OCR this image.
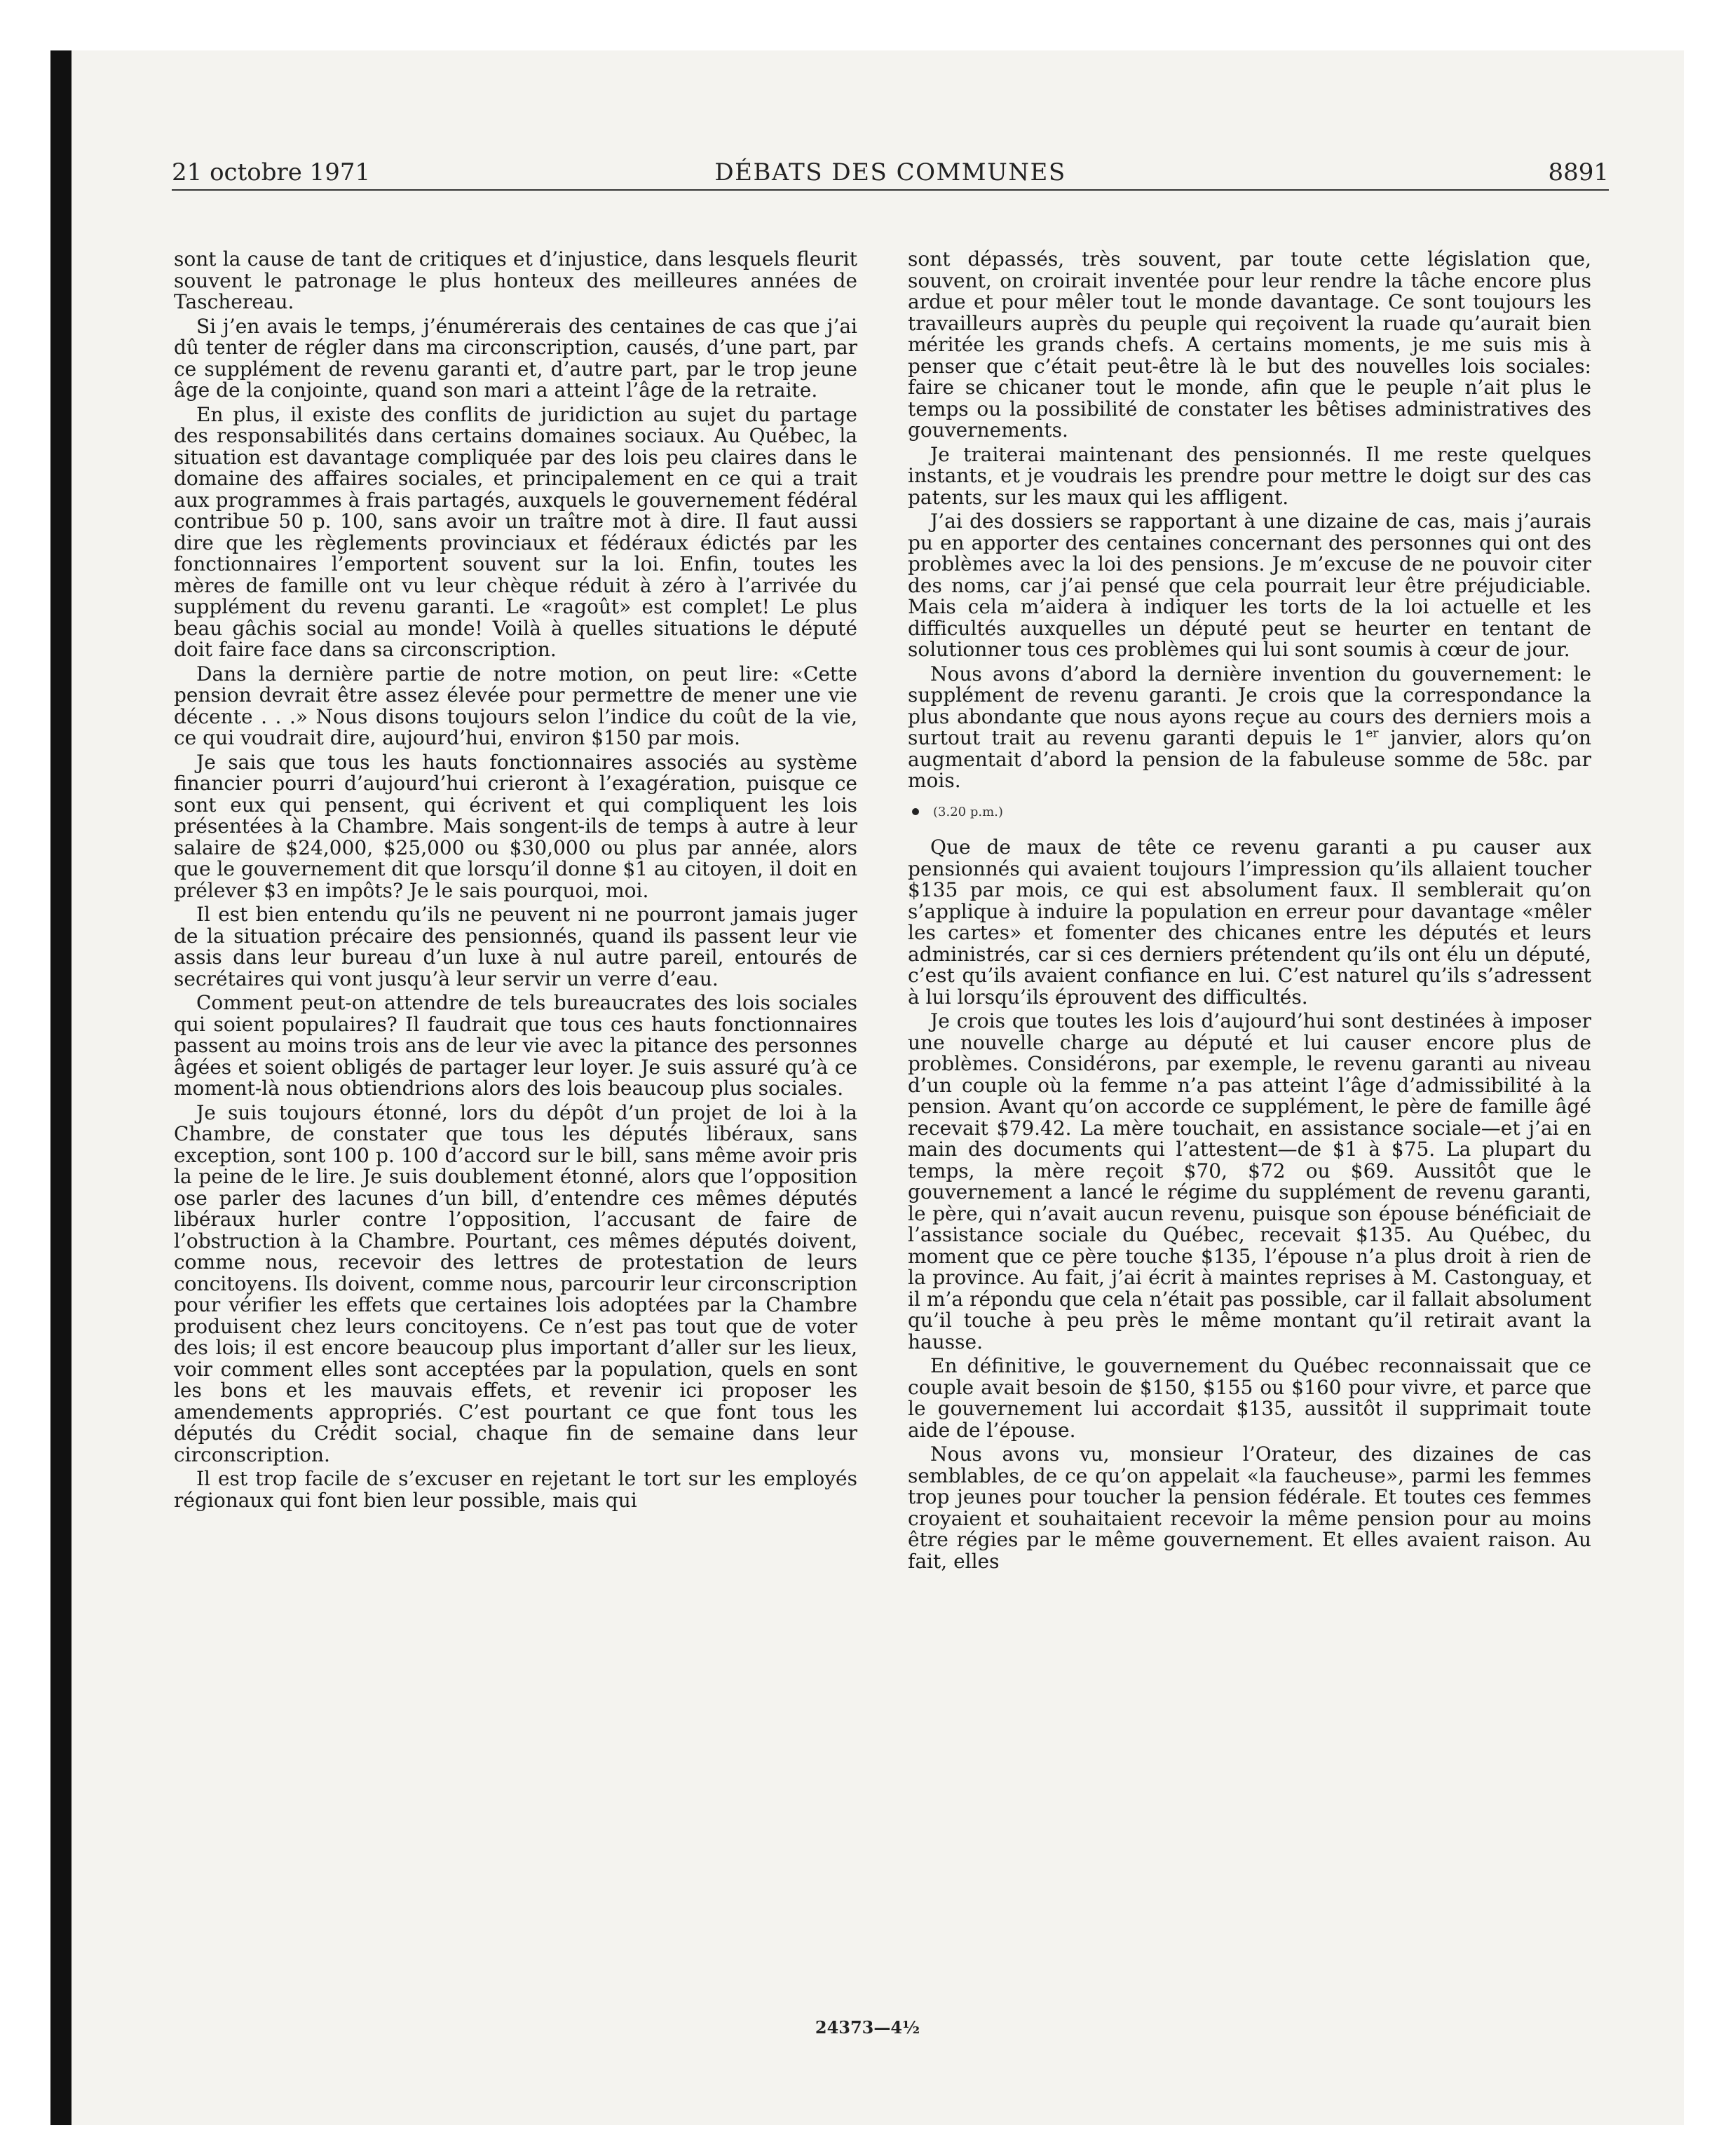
21 octobre 1971	DÉBATS DES COMMUNES	8891

sont la cause de tant de critiques et d’injustice, dans lesquels fleurit souvent le patronage le plus honteux des meilleures années de Taschereau.

Si j’en avais le temps, j’énumérerais des centaines de cas que j’ai dû tenter de régler dans ma circonscription, causés, d’une part, par ce supplément de revenu garanti et, d’autre part, par le trop jeune âge de la conjointe, quand son mari a atteint l’âge de la retraite.

En plus, il existe des conflits de juridiction au sujet du partage des responsabilités dans certains domaines sociaux. Au Québec, la situation est davantage compliquée par des lois peu claires dans le domaine des affaires sociales, et principalement en ce qui a trait aux programmes à frais partagés, auxquels le gouvernement fédéral contribue 50 p. 100, sans avoir un traître mot à dire. Il faut aussi dire que les règlements provinciaux et fédéraux édictés par les fonctionnaires l’emportent souvent sur la loi. Enfin, toutes les mères de famille ont vu leur chèque réduit à zéro à l’arrivée du supplément du revenu garanti. Le «ragoût» est complet! Le plus beau gâchis social au monde! Voilà à quelles situations le député doit faire face dans sa circonscription.

Dans la dernière partie de notre motion, on peut lire: «Cette pension devrait être assez élevée pour permettre de mener une vie décente . . .» Nous disons toujours selon l’indice du coût de la vie, ce qui voudrait dire, aujourd’hui, environ $150 par mois.

Je sais que tous les hauts fonctionnaires associés au système financier pourri d’aujourd’hui crieront à l’exagération, puisque ce sont eux qui pensent, qui écrivent et qui compliquent les lois présentées à la Chambre. Mais songent-ils de temps à autre à leur salaire de $24,000, $25,000 ou $30,000 ou plus par année, alors que le gouvernement dit que lorsqu’il donne $1 au citoyen, il doit en prélever $3 en impôts? Je le sais pourquoi, moi.

Il est bien entendu qu’ils ne peuvent ni ne pourront jamais juger de la situation précaire des pensionnés, quand ils passent leur vie assis dans leur bureau d’un luxe à nul autre pareil, entourés de secrétaires qui vont jusqu’à leur servir un verre d’eau.

Comment peut-on attendre de tels bureaucrates des lois sociales qui soient populaires? Il faudrait que tous ces hauts fonctionnaires passent au moins trois ans de leur vie avec la pitance des personnes âgées et soient obligés de partager leur loyer. Je suis assuré qu’à ce moment-là nous obtiendrions alors des lois beaucoup plus sociales.

Je suis toujours étonné, lors du dépôt d’un projet de loi à la Chambre, de constater que tous les députés libéraux, sans exception, sont 100 p. 100 d’accord sur le bill, sans même avoir pris la peine de le lire. Je suis doublement étonné, alors que l’opposition ose parler des lacunes d’un bill, d’entendre ces mêmes députés libéraux hurler contre l’opposition, l’accusant de faire de l’obstruction à la Chambre. Pourtant, ces mêmes députés doivent, comme nous, recevoir des lettres de protestation de leurs concitoyens. Ils doivent, comme nous, parcourir leur circonscription pour vérifier les effets que certaines lois adoptées par la Chambre produisent chez leurs concitoyens. Ce n’est pas tout que de voter des lois; il est encore beaucoup plus important d’aller sur les lieux, voir comment elles sont acceptées par la population, quels en sont les bons et les mauvais effets, et revenir ici proposer les amendements appropriés. C’est pourtant ce que font tous les députés du Crédit social, chaque fin de semaine dans leur circonscription.

Il est trop facile de s’excuser en rejetant le tort sur les employés régionaux qui font bien leur possible, mais qui

sont dépassés, très souvent, par toute cette législation que, souvent, on croirait inventée pour leur rendre la tâche encore plus ardue et pour mêler tout le monde davantage. Ce sont toujours les travailleurs auprès du peuple qui reçoivent la ruade qu’aurait bien méritée les grands chefs. A certains moments, je me suis mis à penser que c’était peut-être là le but des nouvelles lois sociales: faire se chicaner tout le monde, afin que le peuple n’ait plus le temps ou la possibilité de constater les bêtises administratives des gouvernements.

Je traiterai maintenant des pensionnés. Il me reste quelques instants, et je voudrais les prendre pour mettre le doigt sur des cas patents, sur les maux qui les affligent.

J’ai des dossiers se rapportant à une dizaine de cas, mais j’aurais pu en apporter des centaines concernant des personnes qui ont des problèmes avec la loi des pensions. Je m’excuse de ne pouvoir citer des noms, car j’ai pensé que cela pourrait leur être préjudiciable. Mais cela m’aidera à indiquer les torts de la loi actuelle et les difficultés auxquelles un député peut se heurter en tentant de solutionner tous ces problèmes qui lui sont soumis à cœur de jour.

Nous avons d’abord la dernière invention du gouvernement: le supplément de revenu garanti. Je crois que la correspondance la plus abondante que nous ayons reçue au cours des derniers mois a surtout trait au revenu garanti depuis le 1er janvier, alors qu’on augmentait d’abord la pension de la fabuleuse somme de 58c. par mois.

(3.20 p.m.)

Que de maux de tête ce revenu garanti a pu causer aux pensionnés qui avaient toujours l’impression qu’ils allaient toucher $135 par mois, ce qui est absolument faux. Il semblerait qu’on s’applique à induire la population en erreur pour davantage «mêler les cartes» et fomenter des chicanes entre les députés et leurs administrés, car si ces derniers prétendent qu’ils ont élu un député, c’est qu’ils avaient confiance en lui. C’est naturel qu’ils s’adressent à lui lorsqu’ils éprouvent des difficultés.

Je crois que toutes les lois d’aujourd’hui sont destinées à imposer une nouvelle charge au député et lui causer encore plus de problèmes. Considérons, par exemple, le revenu garanti au niveau d’un couple où la femme n’a pas atteint l’âge d’admissibilité à la pension. Avant qu’on accorde ce supplément, le père de famille âgé recevait $79.42. La mère touchait, en assistance sociale—et j’ai en main des documents qui l’attestent—de $1 à $75. La plupart du temps, la mère reçoit $70, $72 ou $69. Aussitôt que le gouvernement a lancé le régime du supplément de revenu garanti, le père, qui n’avait aucun revenu, puisque son épouse bénéficiait de l’assistance sociale du Québec, recevait $135. Au Québec, du moment que ce père touche $135, l’épouse n’a plus droit à rien de la province. Au fait, j’ai écrit à maintes reprises à M. Castonguay, et il m’a répondu que cela n’était pas possible, car il fallait absolument qu’il touche à peu près le même montant qu’il retirait avant la hausse.

En définitive, le gouvernement du Québec reconnaissait que ce couple avait besoin de $150, $155 ou $160 pour vivre, et parce que le gouvernement lui accordait $135, aussitôt il supprimait toute aide de l’épouse.

Nous avons vu, monsieur l’Orateur, des dizaines de cas semblables, de ce qu’on appelait «la faucheuse», parmi les femmes trop jeunes pour toucher la pension fédérale. Et toutes ces femmes croyaient et souhaitaient recevoir la même pension pour au moins être régies par le même gouvernement. Et elles avaient raison. Au fait, elles

24373—4½
